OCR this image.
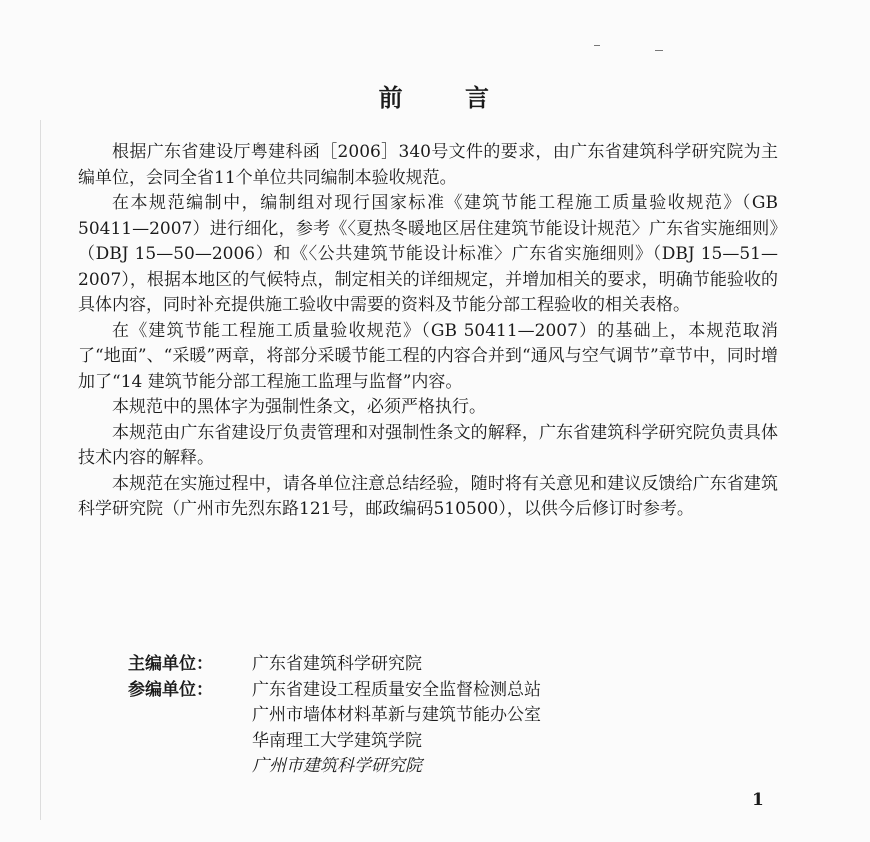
前	言

根据广东省建设厅粤建科函［2006］340号文件的要求，由广东省建筑科学研究院为主编单位，会同全省11个单位共同编制本验收规范。

在本规范编制中，编制组对现行国家标准《建筑节能工程施工质量验收规范》（GB 50411—2007）进行细化，参考《〈夏热冬暖地区居住建筑节能设计规范〉广东省实施细则》（DBJ 15—50—2006）和《〈公共建筑节能设计标准〉广东省实施细则》（DBJ 15—51—2007），根据本地区的气候特点，制定相关的详细规定，并增加相关的要求，明确节能验收的具体内容，同时补充提供施工验收中需要的资料及节能分部工程验收的相关表格。

在《建筑节能工程施工质量验收规范》（GB 50411—2007）的基础上，本规范取消了“地面”、“采暖”两章，将部分采暖节能工程的内容合并到“通风与空气调节”章节中，同时增加了“14 建筑节能分部工程施工监理与监督”内容。

本规范中的黑体字为强制性条文，必须严格执行。

本规范由广东省建设厅负责管理和对强制性条文的解释，广东省建筑科学研究院负责具体技术内容的解释。

本规范在实施过程中，请各单位注意总结经验，随时将有关意见和建议反馈给广东省建筑科学研究院（广州市先烈东路121号，邮政编码510500），以供今后修订时参考。

主编单位：	广东省建筑科学研究院
参编单位：	广东省建设工程质量安全监督检测总站
广州市墙体材料革新与建筑节能办公室
华南理工大学建筑学院
广州市建筑科学研究院
1
